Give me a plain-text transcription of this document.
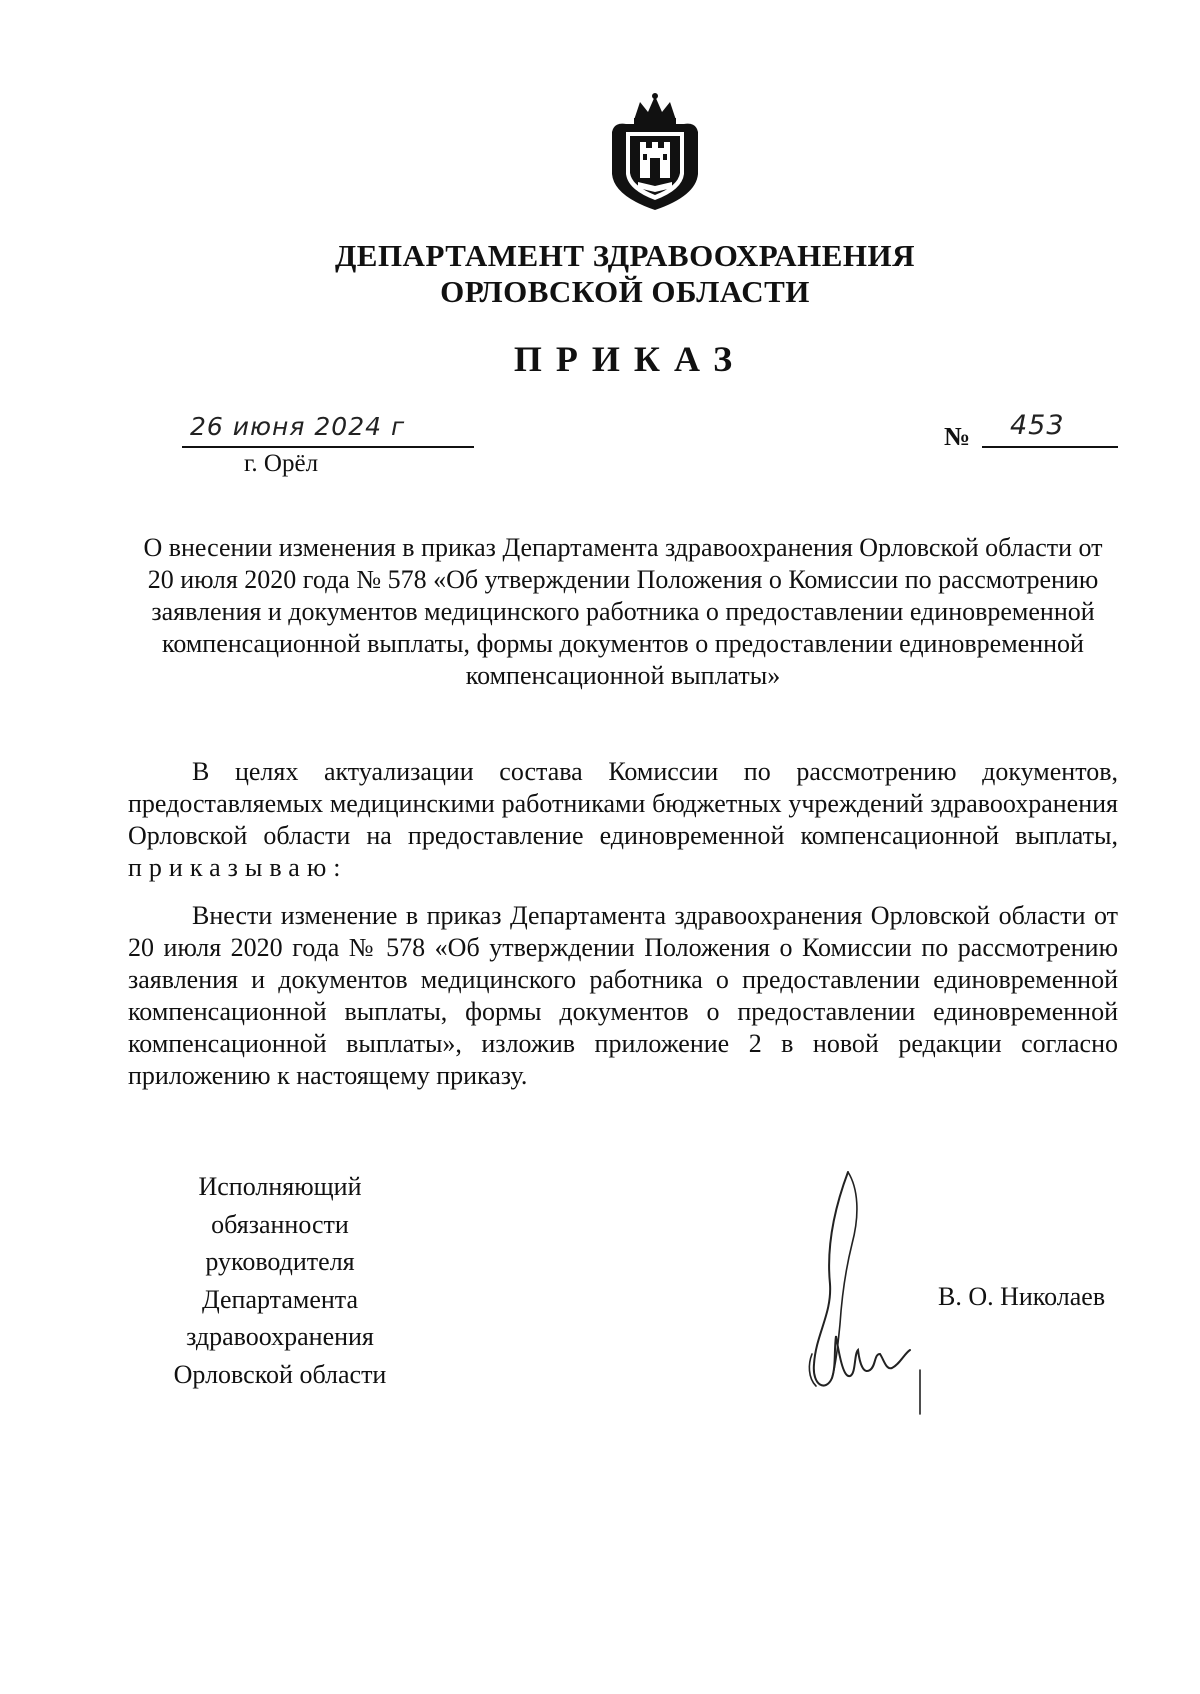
ДЕПАРТАМЕНТ ЗДРАВООХРАНЕНИЯ
ОРЛОВСКОЙ ОБЛАСТИ
ПРИКАЗ
26 июня 2024 г
г. Орёл
№ 453
О внесении изменения в приказ Департамента здравоохранения Орловской области от 20 июля 2020 года № 578 «Об утверждении Положения о Комиссии по рассмотрению заявления и документов медицинского работника о предоставлении единовременной компенсационной выплаты, формы документов о предоставлении единовременной компенсационной выплаты»
В целях актуализации состава Комиссии по рассмотрению документов, предоставляемых медицинскими работниками бюджетных учреждений здравоохранения Орловской области на предоставление единовременной компенсационной выплаты, приказываю:
Внести изменение в приказ Департамента здравоохранения Орловской области от 20 июля 2020 года № 578 «Об утверждении Положения о Комиссии по рассмотрению заявления и документов медицинского работника о предоставлении единовременной компенсационной выплаты, формы документов о предоставлении единовременной компенсационной выплаты», изложив приложение 2 в новой редакции согласно приложению к настоящему приказу.
Исполняющий
обязанности
руководителя
Департамента
здравоохранения
Орловской области
В. О. Николаев
